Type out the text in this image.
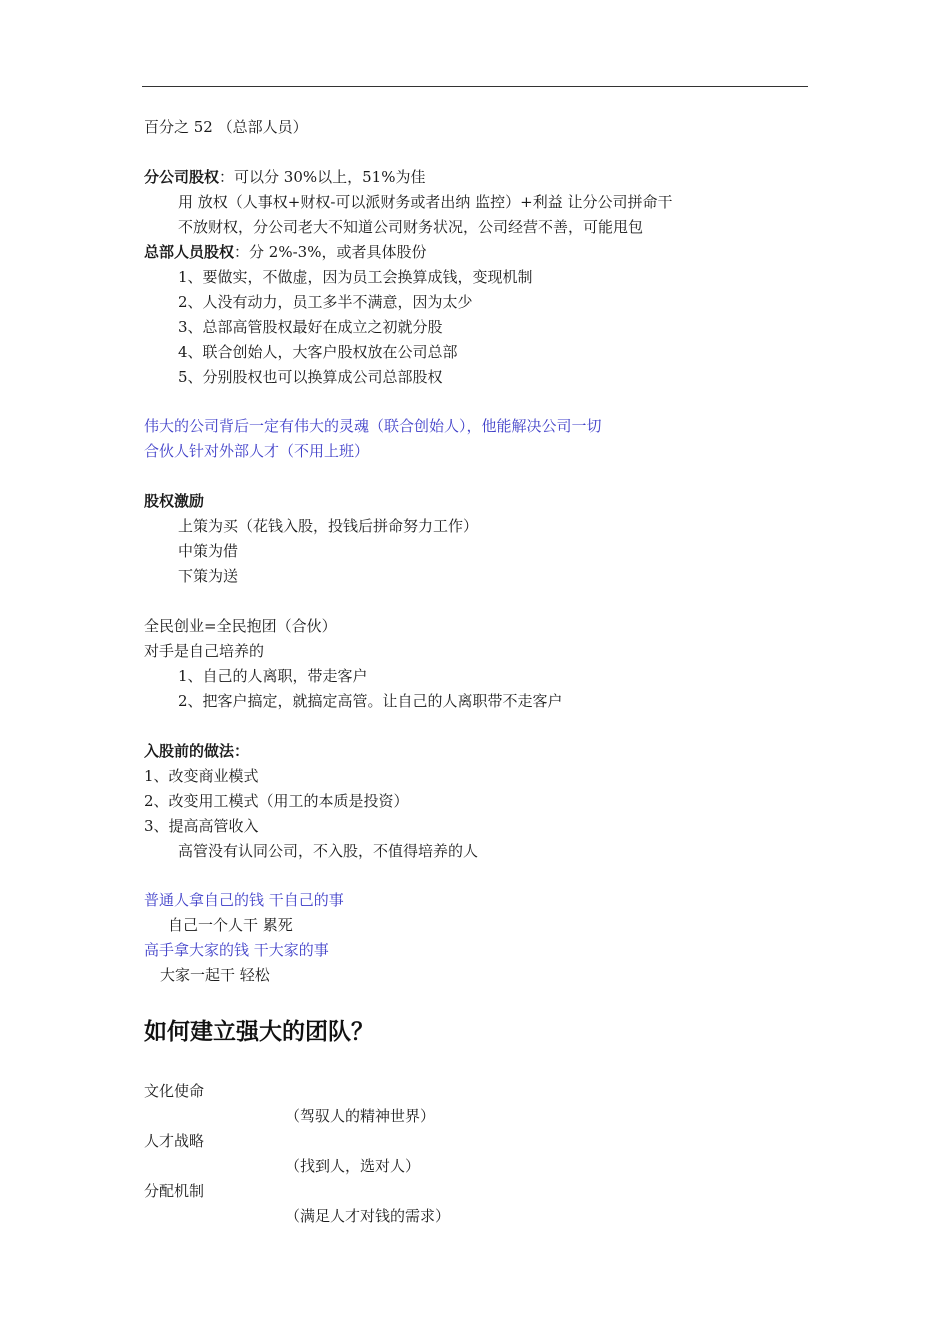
百分之 52 （总部人员）
分公司股权：可以分 30%以上，51%为佳
用 放权（人事权+财权-可以派财务或者出纳 监控）+利益 让分公司拼命干
不放财权，分公司老大不知道公司财务状况，公司经营不善，可能甩包
总部人员股权：分 2%-3%，或者具体股份
1、要做实，不做虚，因为员工会换算成钱，变现机制
2、人没有动力，员工多半不满意，因为太少
3、总部高管股权最好在成立之初就分股
4、联合创始人，大客户股权放在公司总部
5、分别股权也可以换算成公司总部股权
伟大的公司背后一定有伟大的灵魂（联合创始人），他能解决公司一切
合伙人针对外部人才（不用上班）
股权激励
上策为买（花钱入股，投钱后拼命努力工作）
中策为借
下策为送
全民创业=全民抱团（合伙）
对手是自己培养的
1、自己的人离职，带走客户
2、把客户搞定，就搞定高管。让自己的人离职带不走客户
入股前的做法：
1、改变商业模式
2、改变用工模式（用工的本质是投资）
3、提高高管收入
高管没有认同公司，不入股，不值得培养的人
普通人拿自己的钱 干自己的事
自己一个人干 累死
高手拿大家的钱 干大家的事
大家一起干 轻松
如何建立强大的团队？
文化使命
（驾驭人的精神世界）
人才战略
（找到人，选对人）
分配机制
（满足人才对钱的需求）
